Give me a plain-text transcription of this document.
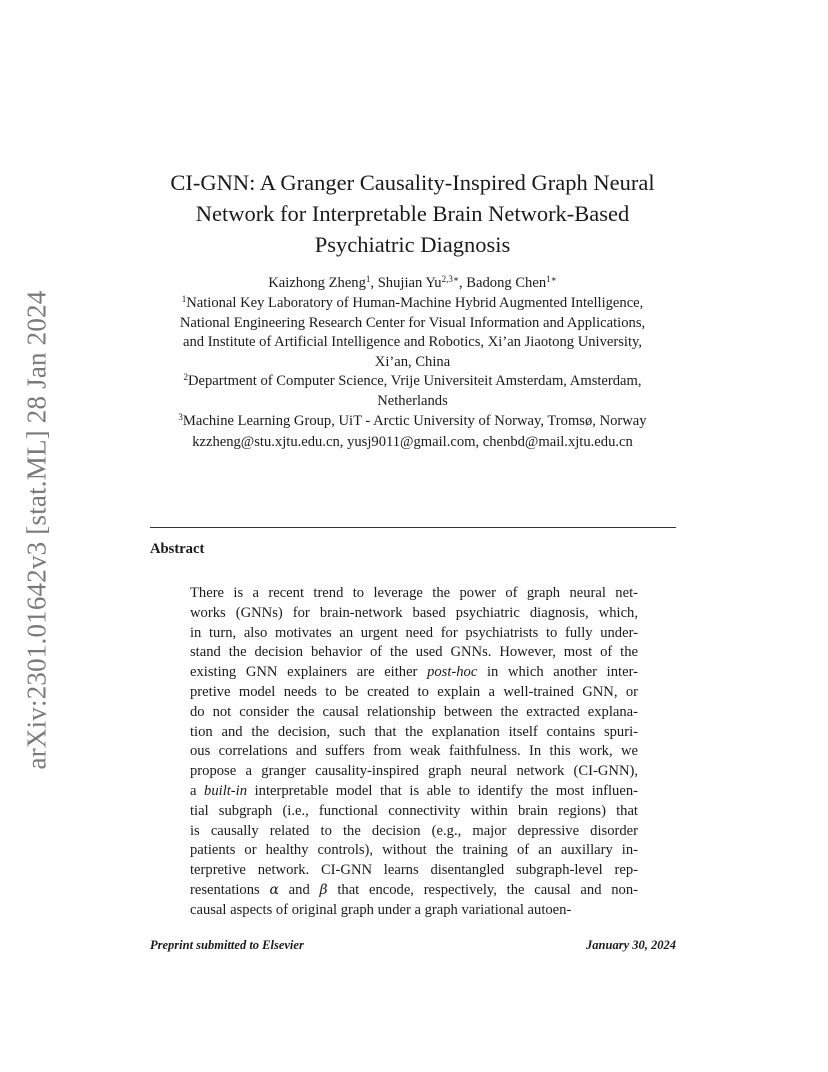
arXiv:2301.01642v3 [stat.ML] 28 Jan 2024
CI-GNN: A Granger Causality-Inspired Graph Neural
Network for Interpretable Brain Network-Based
Psychiatric Diagnosis
Kaizhong Zheng$^1$, Shujian $Yu^{2,3∗}$, Badong Chen$^{1∗}$
$^1$National Key Laboratory of Human-Machine Hybrid Augmented Intelligence,
National Engineering Research Center for Visual Information and Applications,
and Institute of Artificial Intelligence and Robotics, Xi’an Jiaotong University,
Xi’an, China
$^2$Department of Computer Science, Vrije Universiteit Amsterdam, Amsterdam,
Netherlands
$^3$Machine Learning Group, UiT - Arctic University of Norway, Tromsø, Norway
kzzheng@stu.xjtu.edu.cn, yusj9011@gmail.com, chenbd@mail.xjtu.edu.cn
Abstract
There is a recent trend to leverage the power of graph neural net-
works (GNNs) for brain-network based psychiatric diagnosis, which,
in turn, also motivates an urgent need for psychiatrists to fully under-
stand the decision behavior of the used GNNs. However, most of the
existing GNN explainers are either post-hoc in which another inter-
pretive model needs to be created to explain a well-trained GNN, or
do not consider the causal relationship between the extracted explana-
tion and the decision, such that the explanation itself contains spuri-
ous correlations and suffers from weak faithfulness. In this work, we
propose a granger causality-inspired graph neural network (CI-GNN),
a built-in interpretable model that is able to identify the most influen-
tial subgraph (i.e., functional connectivity within brain regions) that
is causally related to the decision (e.g., major depressive disorder
patients or healthy controls), without the training of an auxillary in-
terpretive network. CI-GNN learns disentangled subgraph-level rep-
resentations α and β that encode, respectively, the causal and non-
causal aspects of original graph under a graph variational autoen-
Preprint submitted to Elsevier	January 30, 2024
